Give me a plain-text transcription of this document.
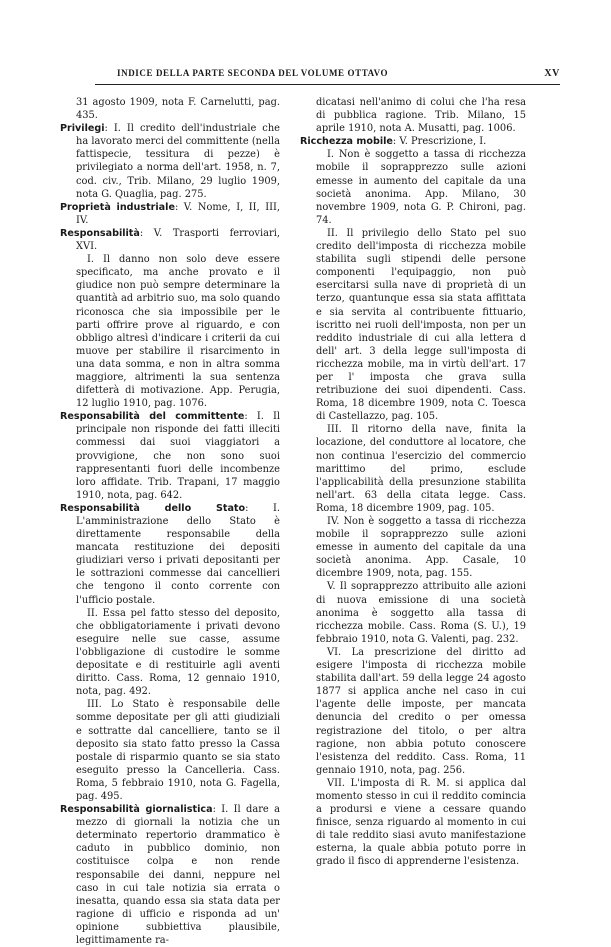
INDICE DELLA PARTE SECONDA DEL VOLUME OTTAVO	XV

31 agosto 1909, nota F. Carnelutti, pag. 435.

Privilegi: I. Il credito dell'industriale che ha lavorato merci del committente (nella fattispecie, tessitura di pezze) è privilegiato a norma dell'art. 1958, n. 7, cod. civ., Trib. Milano, 29 luglio 1909, nota G. Quaglia, pag. 275.

Proprietà industriale: V. Nome, I, II, III, IV.

Responsabilità: V. Trasporti ferroviari, XVI.

I. Il danno non solo deve essere specificato, ma anche provato e il giudice non può sempre determinare la quantità ad arbitrio suo, ma solo quando riconosca che sia impossibile per le parti offrire prove al riguardo, e con obbligo altresì d'indicare i criterii da cui muove per stabilire il risarcimento in una data somma, e non in altra somma maggiore, altrimenti la sua sentenza difetterà di motivazione. App. Perugia, 12 luglio 1910, pag. 1076.

Responsabilità del committente: I. Il principale non risponde dei fatti illeciti commessi dai suoi viaggiatori a provvigione, che non sono suoi rappresentanti fuori delle incombenze loro affidate. Trib. Trapani, 17 maggio 1910, nota, pag. 642.

Responsabilità dello Stato: I. L'amministrazione dello Stato è direttamente responsabile della mancata restituzione dei depositi giudiziari verso i privati depositanti per le sottrazioni commesse dai cancellieri che tengono il conto corrente con l'ufficio postale.

II. Essa pel fatto stesso del deposito, che obbligatoriamente i privati devono eseguire nelle sue casse, assume l'obbligazione di custodire le somme depositate e di restituirle agli aventi diritto. Cass. Roma, 12 gennaio 1910, nota, pag. 492.

III. Lo Stato è responsabile delle somme depositate per gli atti giudiziali e sottratte dal cancelliere, tanto se il deposito sia stato fatto presso la Cassa postale di risparmio quanto se sia stato eseguito presso la Cancelleria. Cass. Roma, 5 febbraio 1910, nota G. Fagella, pag. 495.

Responsabilità giornalistica: I. Il dare a mezzo di giornali la notizia che un determinato repertorio drammatico è caduto in pubblico dominio, non costituisce colpa e non rende responsabile dei danni, neppure nel caso in cui tale notizia sia errata o inesatta, quando essa sia stata data per ragione di ufficio e risponda ad un' opinione subbiettiva plausibile, legittimamente ra-

dicatasi nell'animo di colui che l'ha resa di pubblica ragione. Trib. Milano, 15 aprile 1910, nota A. Musatti, pag. 1006.

Ricchezza mobile: V. Prescrizione, I.

I. Non è soggetto a tassa di ricchezza mobile il soprapprezzo sulle azioni emesse in aumento del capitale da una società anonima. App. Milano, 30 novembre 1909, nota G. P. Chironi, pag. 74.

II. Il privilegio dello Stato pel suo credito dell'imposta di ricchezza mobile stabilita sugli stipendi delle persone componenti l'equipaggio, non può esercitarsi sulla nave di proprietà di un terzo, quantunque essa sia stata affittata e sia servita al contribuente fittuario, iscritto nei ruoli dell'imposta, non per un reddito industriale di cui alla lettera d dell' art. 3 della legge sull'imposta di ricchezza mobile, ma in virtù dell'art. 17 per l' imposta che grava sulla retribuzione dei suoi dipendenti. Cass. Roma, 18 dicembre 1909, nota C. Toesca di Castellazzo, pag. 105.

III. Il ritorno della nave, finita la locazione, del conduttore al locatore, che non continua l'esercizio del commercio marittimo del primo, esclude l'applicabilità della presunzione stabilita nell'art. 63 della citata legge. Cass. Roma, 18 dicembre 1909, pag. 105.

IV. Non è soggetto a tassa di ricchezza mobile il soprapprezzo sulle azioni emesse in aumento del capitale da una società anonima. App. Casale, 10 dicembre 1909, nota, pag. 155.

V. Il soprapprezzo attribuito alle azioni di nuova emissione di una società anonima è soggetto alla tassa di ricchezza mobile. Cass. Roma (S. U.), 19 febbraio 1910, nota G. Valenti, pag. 232.

VI. La prescrizione del diritto ad esigere l'imposta di ricchezza mobile stabilita dall'art. 59 della legge 24 agosto 1877 si applica anche nel caso in cui l'agente delle imposte, per mancata denuncia del credito o per omessa registrazione del titolo, o per altra ragione, non abbia potuto conoscere l'esistenza del reddito. Cass. Roma, 11 gennaio 1910, nota, pag. 256.

VII. L'imposta di R. M. si applica dal momento stesso in cui il reddito comincia a prodursi e viene a cessare quando finisce, senza riguardo al momento in cui di tale reddito siasi avuto manifestazione esterna, la quale abbia potuto porre in grado il fisco di apprenderne l'esistenza.
